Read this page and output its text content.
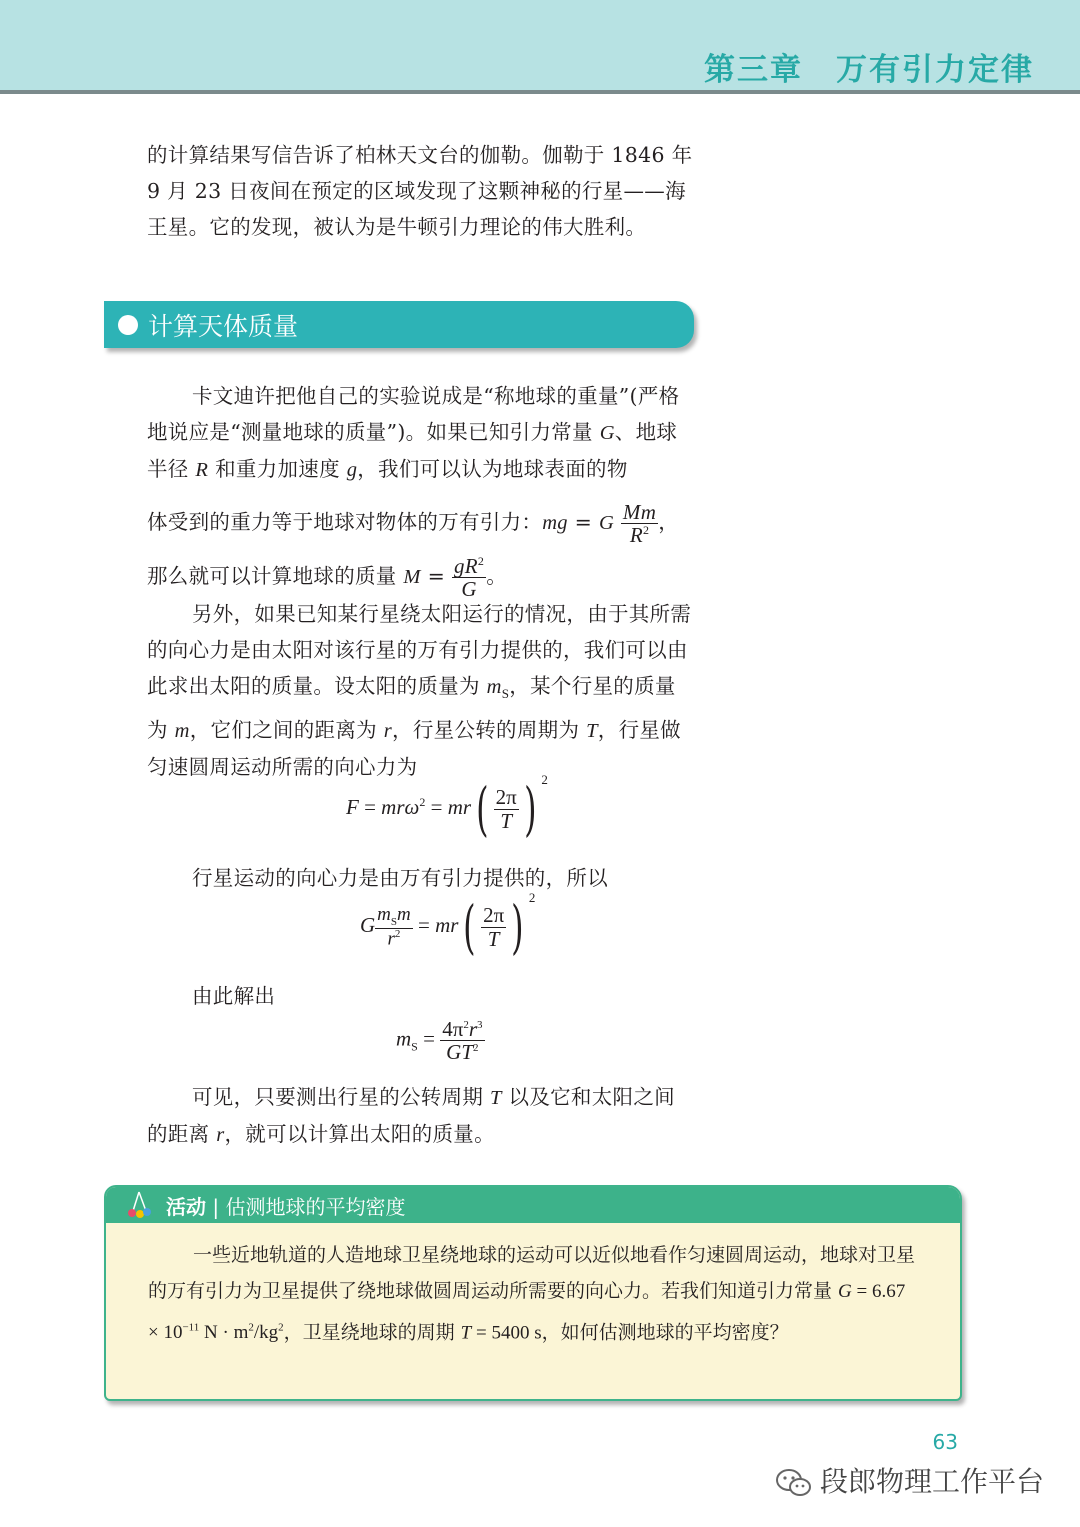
第三章　万有引力定律

的计算结果写信告诉了柏林天文台的伽勒。伽勒于 1846 年
9 月 23 日夜间在预定的区域发现了这颗神秘的行星——海
王星。它的发现，被认为是牛顿引力理论的伟大胜利。

计算天体质量

卡文迪许把他自己的实验说成是“称地球的重量”(严格地说应是“测量地球的质量”)。如果已知引力常量 G、地球半径 R 和重力加速度 g，我们可以认为地球表面的物

体受到的重力等于地球对物体的万有引力：mg = G $\frac{Mm}{R^2}$ ，
那么就可以计算地球的质量 $M = \frac{gR^2}{G}$ 。

另外，如果已知某行星绕太阳运行的情况，由于其所需的向心力是由太阳对该行星的万有引力提供的，我们可以由此求出太阳的质量。设太阳的质量为 $m_S$，某个行星的质量为 m，它们之间的距离为 r，行星公转的周期为 T，行星做匀速圆周运动所需的向心力为

$F = mr\omega^2 = mr( \frac{2\pi}{T}$ ) $^2$

行星运动的向心力是由万有引力提供的，所以

G $\frac{m_Sm}{r^2} = mr( \frac{2\pi}{T}$ ) $^2$

由此解出

$m_S = \frac{4\pi^2r^3}{GT^2}$

可见，只要测出行星的公转周期 T 以及它和太阳之间的距离 r，就可以计算出太阳的质量。

活动 | 估测地球的平均密度

一些近地轨道的人造地球卫星绕地球的运动可以近似地看作匀速圆周运动，地球对卫星的万有引力为卫星提供了绕地球做圆周运动所需要的向心力。若我们知道引力常量 $G = 6.67 \times 10^{-11}$ $N \cdot m^2/kg^2$，卫星绕地球的周期 T = 5400 s，如何估测地球的平均密度？

63
段郎物理工作平台
